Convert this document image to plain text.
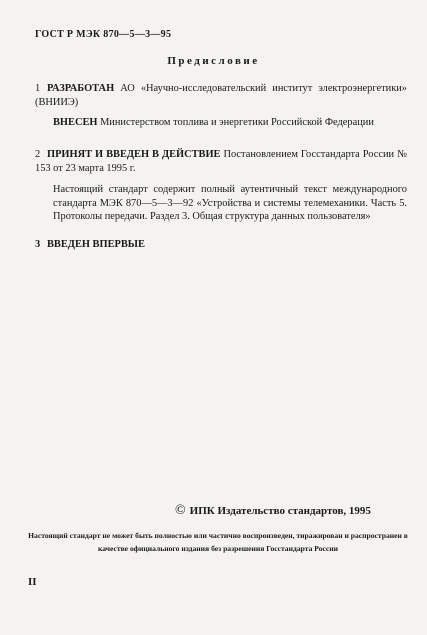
ГОСТ Р МЭК 870—5—3—95
Предисловие
1 РАЗРАБОТАН АО «Научно-исследовательский институт электроэнергетики» (ВНИИЭ)
ВНЕСЕН Министерством топлива и энергетики Российской Федерации
2 ПРИНЯТ И ВВЕДЕН В ДЕЙСТВИЕ Постановлением Госстандарта России № 153 от 23 марта 1995 г.
Настоящий стандарт содержит полный аутентичный текст международного стандарта МЭК 870—5—3—92 «Устройства и системы телемеханики. Часть 5. Протоколы передачи. Раздел 3. Общая структура данных пользователя»
3 ВВЕДЕН ВПЕРВЫЕ
© ИПК Издательство стандартов, 1995
Настоящий стандарт не может быть полностью или частично воспроизведен, тиражирован и распространен в качестве официального издания без разрешения Госстандарта России
II
